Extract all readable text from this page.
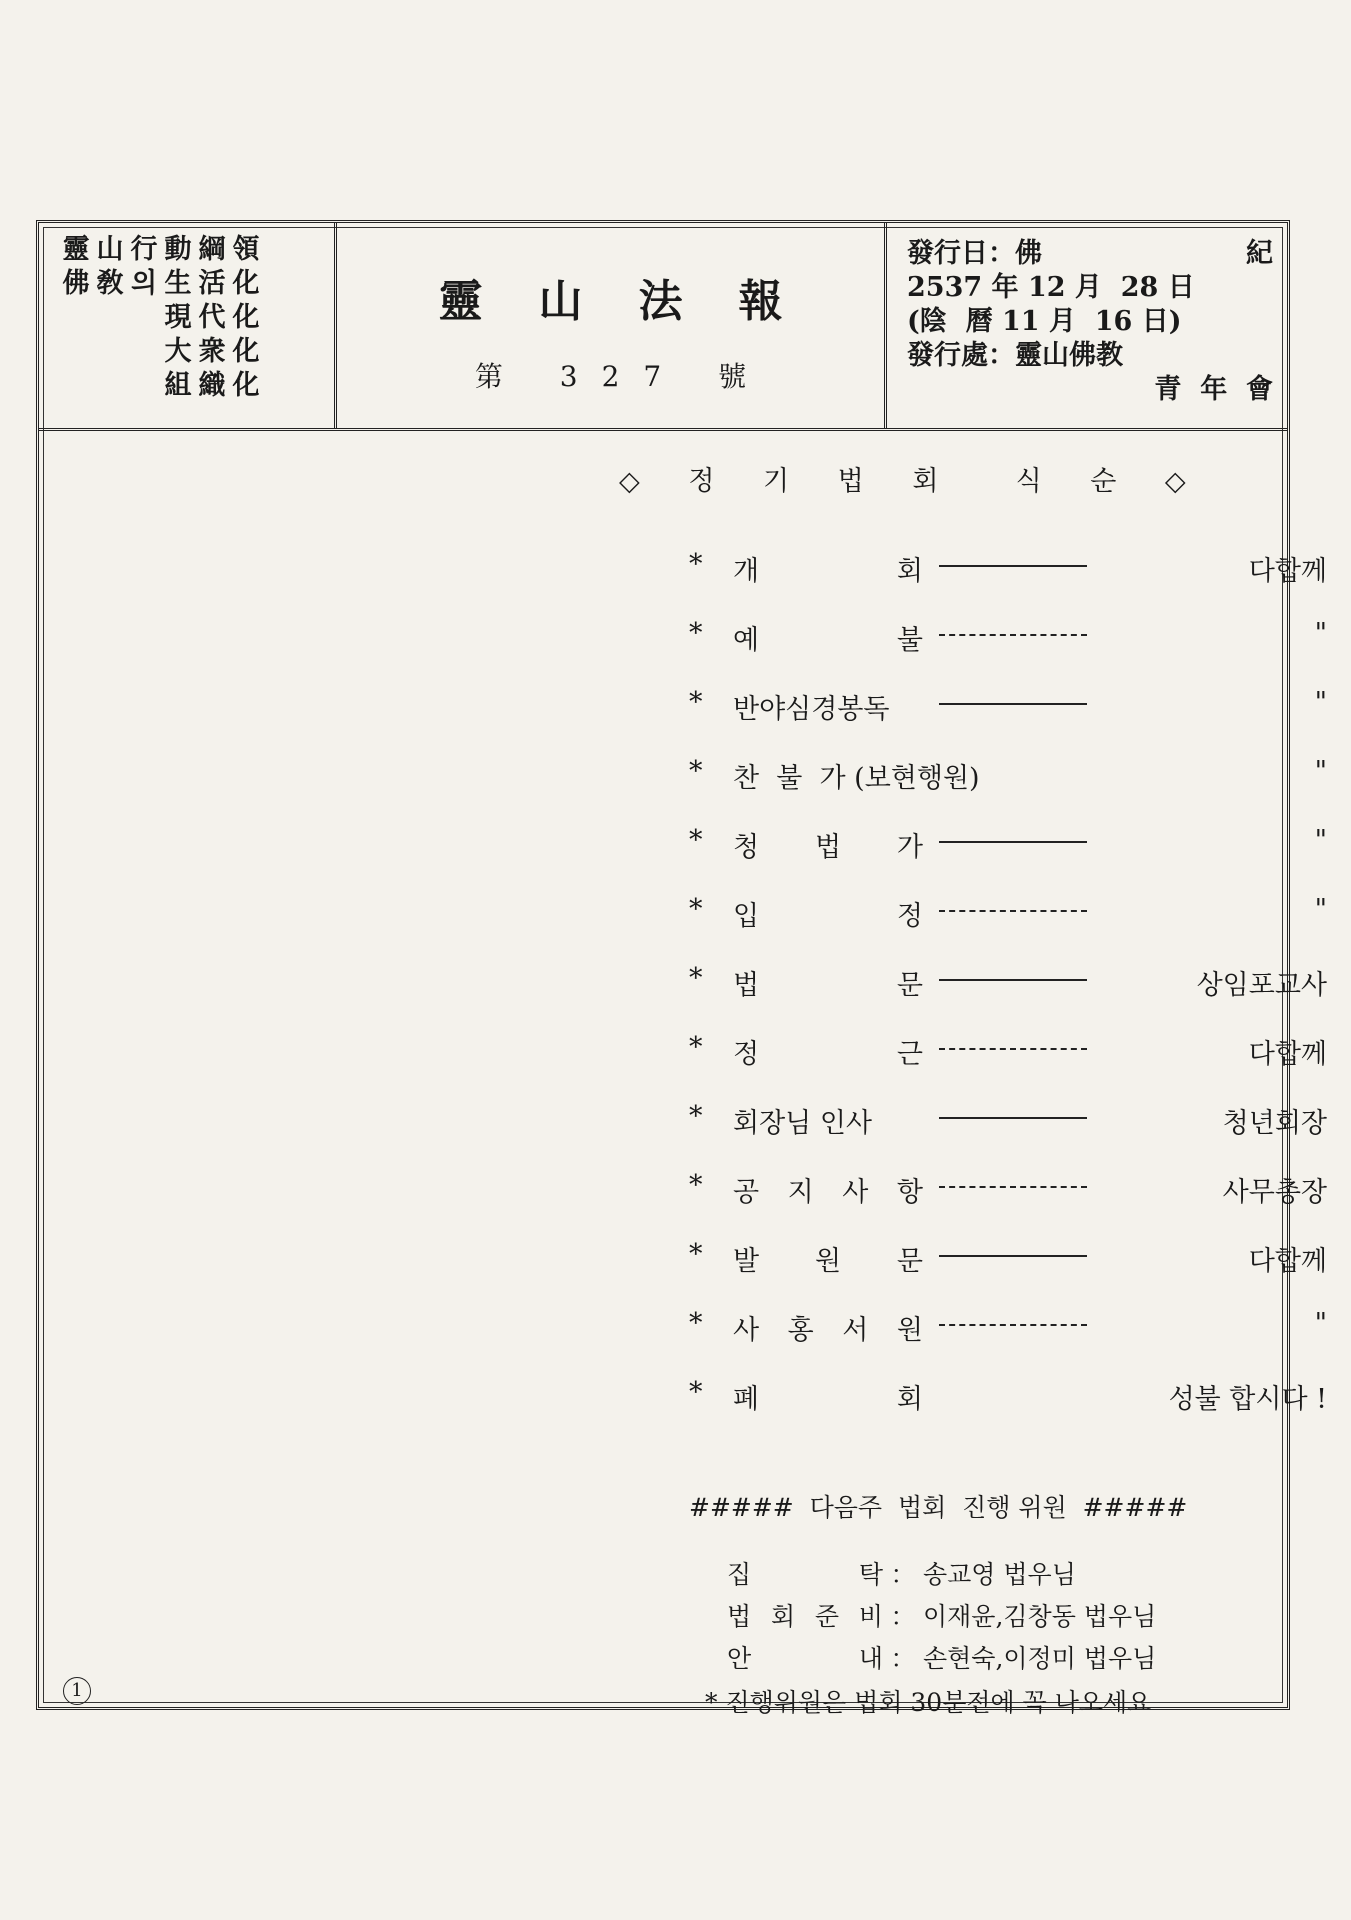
靈 山 行 動 綱 領
佛 敎 의 生 活 化
現 代 化
大 衆 化
組 織 化
靈山法報
第 327 號
發行日：佛	紀
2537 年 12 月  28 日
(陰  曆 11 月  16 日)
發行處：靈山佛教
青  年  會
◇ 정 기 법 회  식 순 ◇
* 개	회	다합께
* 예	불	"
* 반야심경봉독	"
* 찬  불  가 (보현행원)	"
* 청 법 가	"
* 입	정	"
* 법	문	상임포교사
* 정	근	다합께
* 회장님 인사	청년회장
* 공 지 사 항	사무총장
* 발 원 문	다합께
* 사 홍 서 원	"
* 폐	회	성불 합시다 !
#####  다음주  법회  진행 위원  #####
집	탁 ： 송교영 법우님
법 회 준 비 ： 이재윤,김창동 법우님
안	내 ： 손현숙,이정미 법우님
* 진행위원은 법회 30분전에 꼭 나오세요
1
